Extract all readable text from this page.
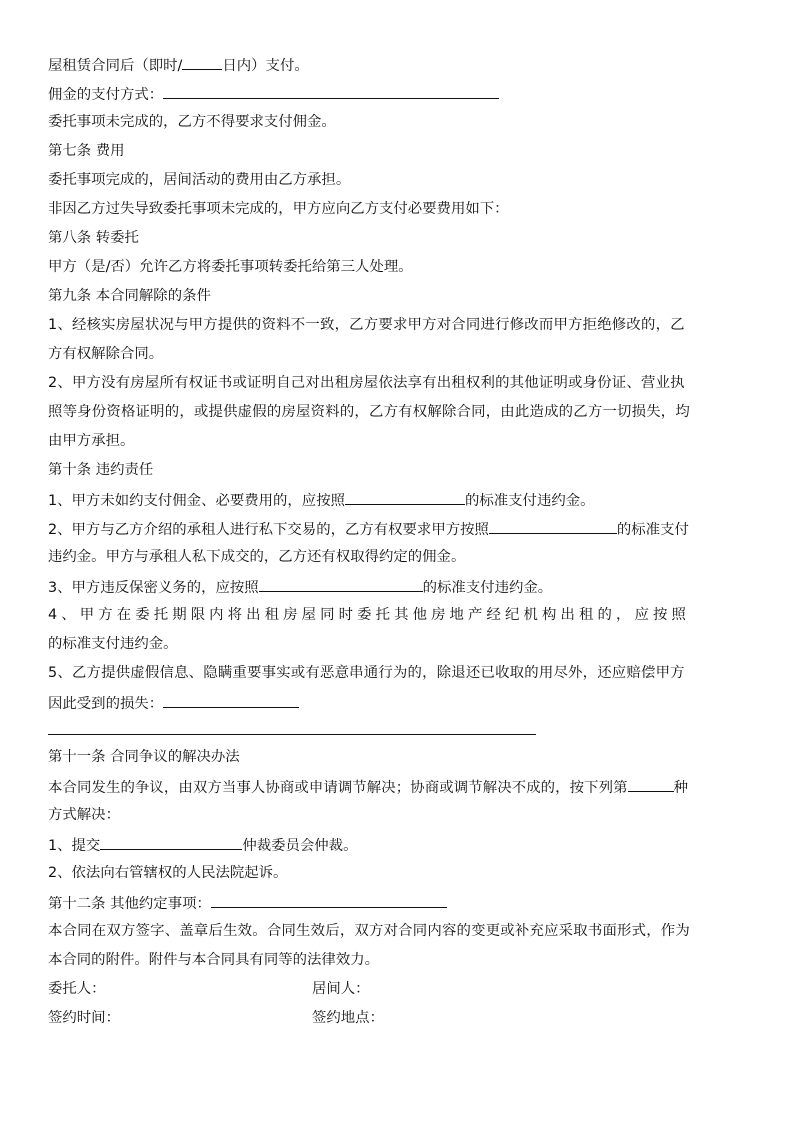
屋租赁合同后（即时/	日内）支付。
佣金的支付方式：
委托事项未完成的，乙方不得要求支付佣金。
第七条 费用
委托事项完成的，居间活动的费用由乙方承担。
非因乙方过失导致委托事项未完成的，甲方应向乙方支付必要费用如下：
第八条 转委托
甲方（是/否）允许乙方将委托事项转委托给第三人处理。
第九条 本合同解除的条件
1、经核实房屋状况与甲方提供的资料不一致，乙方要求甲方对合同进行修改而甲方拒绝修改的，乙
方有权解除合同。
2、甲方没有房屋所有权证书或证明自己对出租房屋依法享有出租权利的其他证明或身份证、营业执
照等身份资格证明的，或提供虚假的房屋资料的，乙方有权解除合同，由此造成的乙方一切损失，均
由甲方承担。
第十条 违约责任
1、甲方未如约支付佣金、必要费用的，应按照	的标准支付违约金。
2、甲方与乙方介绍的承租人进行私下交易的，乙方有权要求甲方按照	的标准支付
违约金。甲方与承租人私下成交的，乙方还有权取得约定的佣金。
3、甲方违反保密义务的，应按照	的标准支付违约金。
4、甲方在委托期限内将出租房屋同时委托其他房地产经纪机构出租的，应按照
的标准支付违约金。
5、乙方提供虚假信息、隐瞒重要事实或有恶意串通行为的，除退还已收取的用尽外，还应赔偿甲方
因此受到的损失：
第十一条 合同争议的解决办法
本合同发生的争议，由双方当事人协商或申请调节解决；协商或调节解决不成的，按下列第	种
方式解决：
1、提交	仲裁委员会仲裁。
2、依法向右管辖权的人民法院起诉。
第十二条 其他约定事项：
本合同在双方签字、盖章后生效。合同生效后，双方对合同内容的变更或补充应采取书面形式，作为
本合同的附件。附件与本合同具有同等的法律效力。
委托人：	居间人：
签约时间：	签约地点：
